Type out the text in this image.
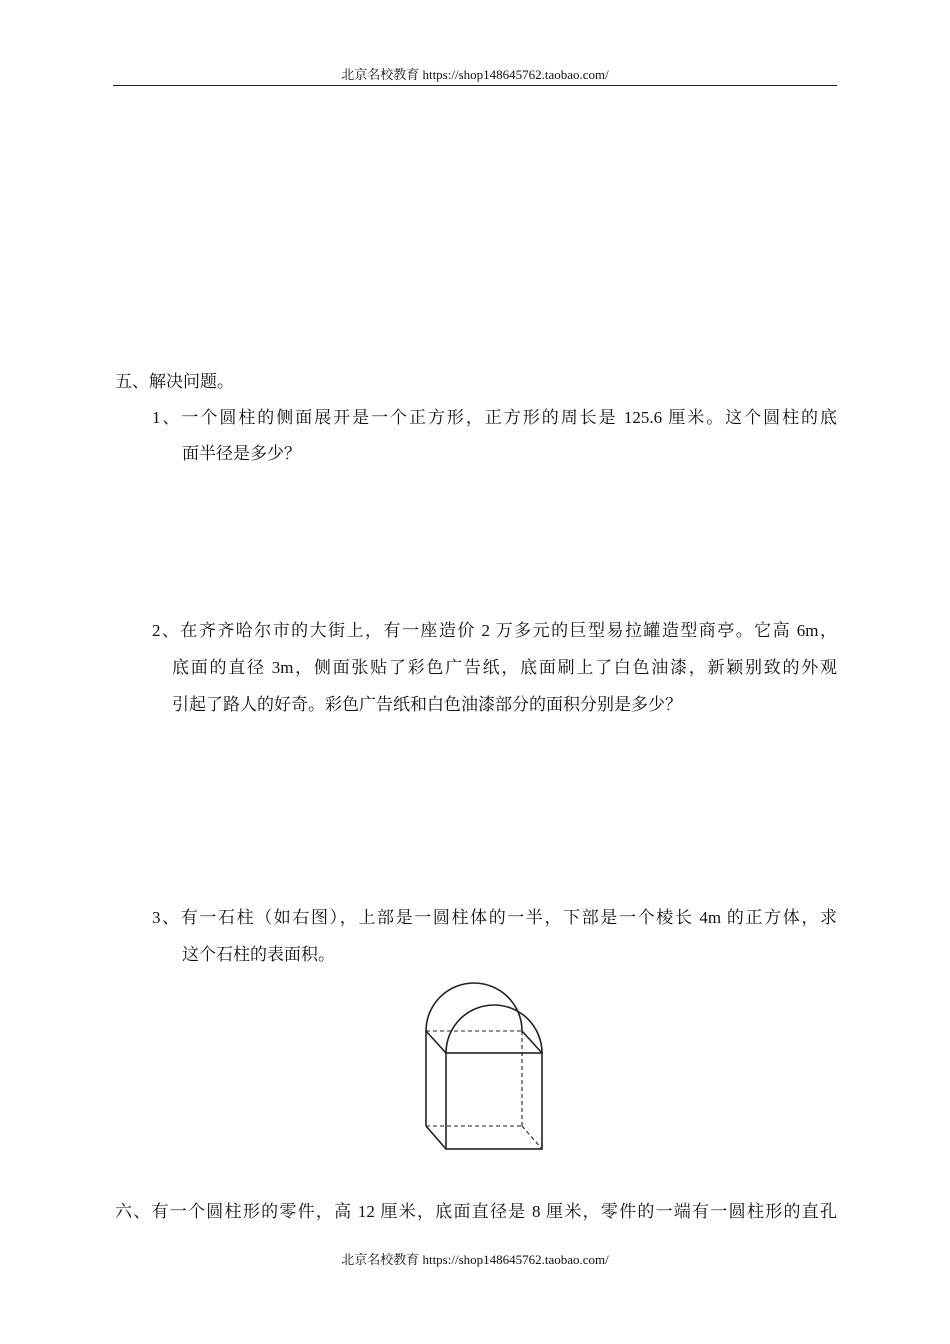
北京名校教育 https://shop148645762.taobao.com/
五、解决问题。
1、一个圆柱的侧面展开是一个正方形，正方形的周长是 125.6 厘米。这个圆柱的底
面半径是多少？
2、在齐齐哈尔市的大街上，有一座造价 2 万多元的巨型易拉罐造型商亭。它高 6m，
底面的直径 3m，侧面张贴了彩色广告纸，底面刷上了白色油漆，新颖别致的外观
引起了路人的好奇。彩色广告纸和白色油漆部分的面积分别是多少？
3、有一石柱（如右图），上部是一圆柱体的一半，下部是一个棱长 4m 的正方体，求
这个石柱的表面积。
六、有一个圆柱形的零件，高 12 厘米，底面直径是 8 厘米，零件的一端有一圆柱形的直孔
北京名校教育 https://shop148645762.taobao.com/
